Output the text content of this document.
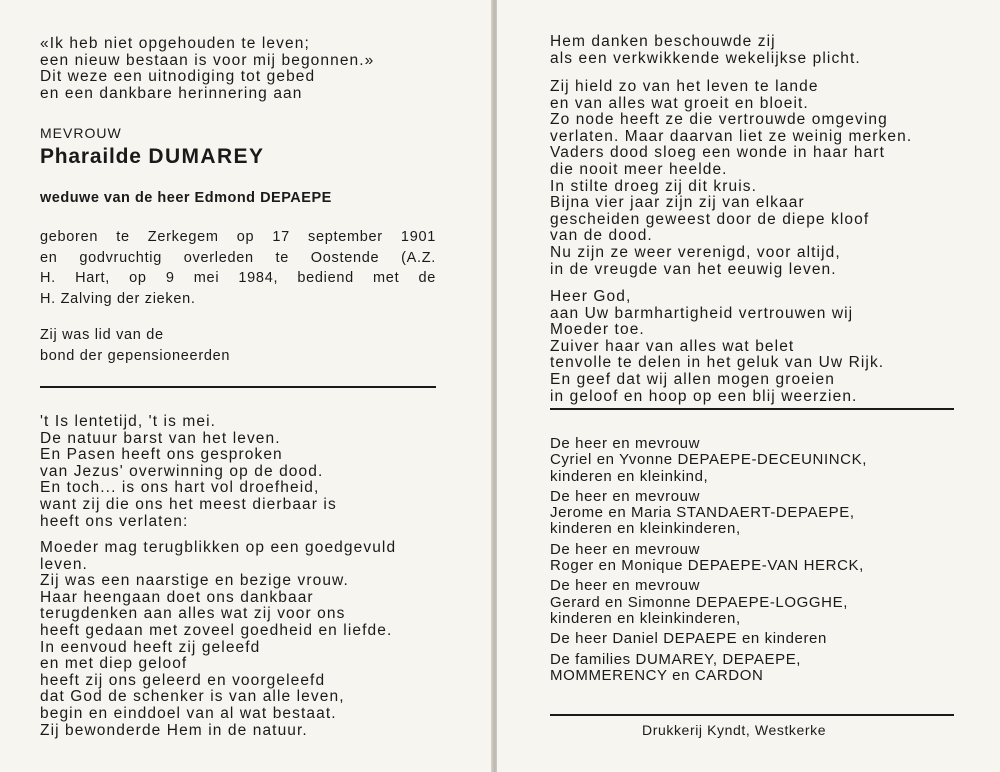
«Ik heb niet opgehouden te leven;
een nieuw bestaan is voor mij begonnen.»
Dit weze een uitnodiging tot gebed
en een dankbare herinnering aan
MEVROUW
Pharailde DUMAREY
weduwe van de heer Edmond DEPAEPE
geboren te Zerkegem op 17 september 1901
en godvruchtig overleden te Oostende (A.Z.
H. Hart, op 9 mei 1984, bediend met de
H. Zalving der zieken.
Zij was lid van de
bond der gepensioneerden
't Is lentetijd, 't is mei.
De natuur barst van het leven.
En Pasen heeft ons gesproken
van Jezus' overwinning op de dood.
En toch... is ons hart vol droefheid,
want zij die ons het meest dierbaar is
heeft ons verlaten:
Moeder mag terugblikken op een goedgevuld
leven.
Zij was een naarstige en bezige vrouw.
Haar heengaan doet ons dankbaar
terugdenken aan alles wat zij voor ons
heeft gedaan met zoveel goedheid en liefde.
In eenvoud heeft zij geleefd
en met diep geloof
heeft zij ons geleerd en voorgeleefd
dat God de schenker is van alle leven,
begin en einddoel van al wat bestaat.
Zij bewonderde Hem in de natuur.
Hem danken beschouwde zij
als een verkwikkende wekelijkse plicht.
Zij hield zo van het leven te lande
en van alles wat groeit en bloeit.
Zo node heeft ze die vertrouwde omgeving
verlaten. Maar daarvan liet ze weinig merken.
Vaders dood sloeg een wonde in haar hart
die nooit meer heelde.
In stilte droeg zij dit kruis.
Bijna vier jaar zijn zij van elkaar
gescheiden geweest door de diepe kloof
van de dood.
Nu zijn ze weer verenigd, voor altijd,
in de vreugde van het eeuwig leven.
Heer God,
aan Uw barmhartigheid vertrouwen wij
Moeder toe.
Zuiver haar van alles wat belet
tenvolle te delen in het geluk van Uw Rijk.
En geef dat wij allen mogen groeien
in geloof en hoop op een blij weerzien.
De heer en mevrouw
Cyriel en Yvonne DEPAEPE-DECEUNINCK,
kinderen en kleinkind,
De heer en mevrouw
Jerome en Maria STANDAERT-DEPAEPE,
kinderen en kleinkinderen,
De heer en mevrouw
Roger en Monique DEPAEPE-VAN HERCK,
De heer en mevrouw
Gerard en Simonne DEPAEPE-LOGGHE,
kinderen en kleinkinderen,
De heer Daniel DEPAEPE en kinderen
De families DUMAREY, DEPAEPE,
MOMMERENCY en CARDON
Drukkerij Kyndt, Westkerke
